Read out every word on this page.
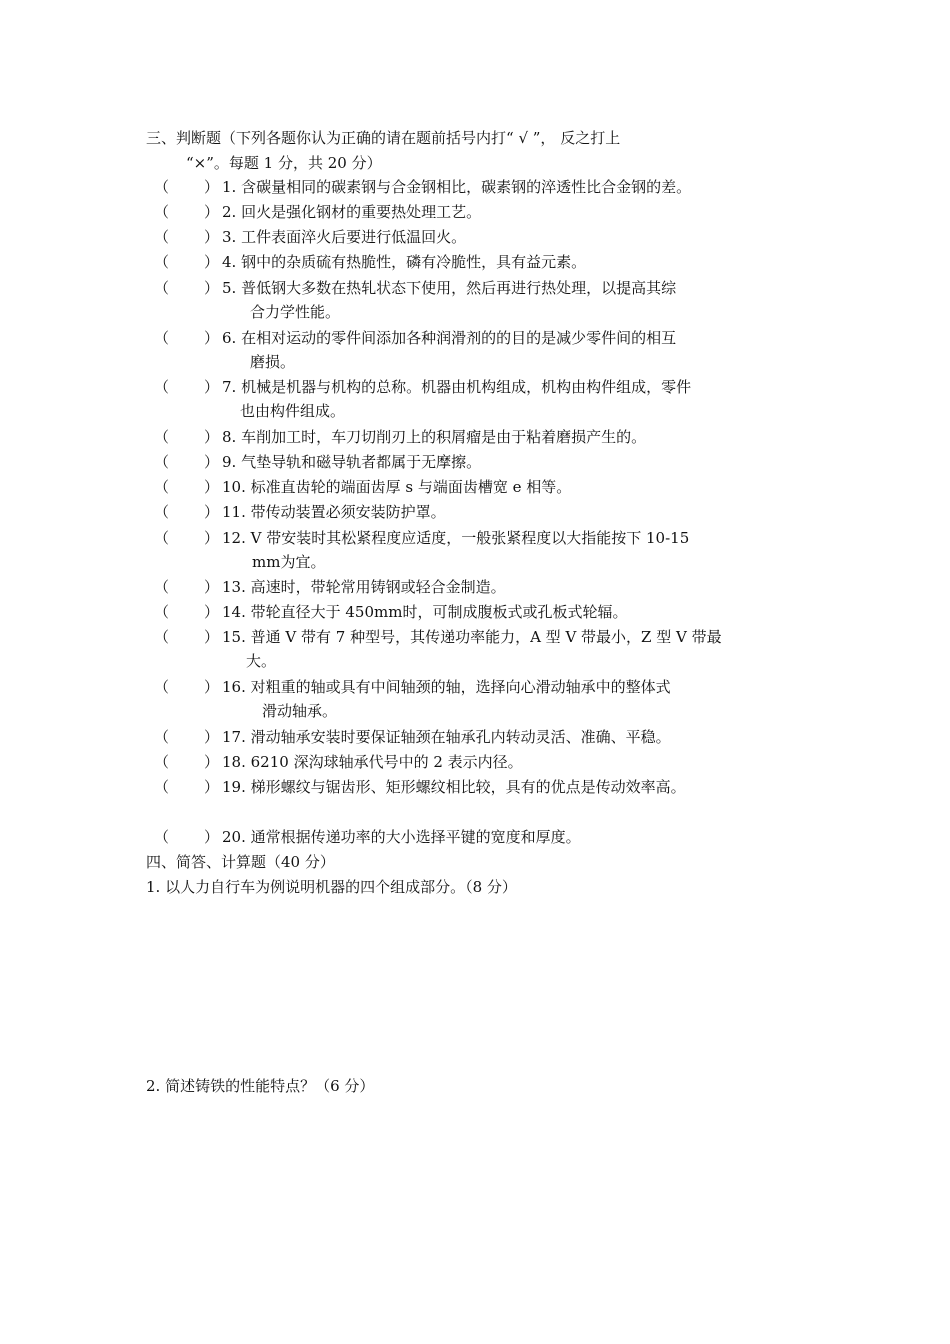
三、判断题（下列各题你认为正确的请在题前括号内打“ √ ”， 反之打上
“×”。每题 1 分，共 20 分）
（ ） 1. 含碳量相同的碳素钢与合金钢相比，碳素钢的淬透性比合金钢的差。
（ ） 2. 回火是强化钢材的重要热处理工艺。
（ ） 3. 工件表面淬火后要进行低温回火。
（ ） 4. 钢中的杂质硫有热脆性，磷有冷脆性，具有益元素。
（ ） 5. 普低钢大多数在热轧状态下使用，然后再进行热处理，以提高其综
合力学性能。
（ ） 6. 在相对运动的零件间添加各种润滑剂的的目的是减少零件间的相互
磨损。
（ ） 7. 机械是机器与机构的总称。机器由机构组成，机构由构件组成，零件
也由构件组成。
（ ） 8. 车削加工时，车刀切削刃上的积屑瘤是由于粘着磨损产生的。
（ ） 9. 气垫导轨和磁导轨者都属于无摩擦。
（ ） 10. 标准直齿轮的端面齿厚 s 与端面齿槽宽 e 相等。
（ ） 11. 带传动装置必须安装防护罩。
（ ） 12. V 带安装时其松紧程度应适度，一般张紧程度以大指能按下 10-15
mm为宜。
（ ） 13. 高速时，带轮常用铸钢或轻合金制造。
（ ） 14. 带轮直径大于 450mm时，可制成腹板式或孔板式轮辐。
（ ） 15. 普通 V 带有 7 种型号，其传递功率能力，A 型 V 带最小，Z 型 V 带最
大。
（ ） 16. 对粗重的轴或具有中间轴颈的轴，选择向心滑动轴承中的整体式
滑动轴承。
（ ） 17. 滑动轴承安装时要保证轴颈在轴承孔内转动灵活、准确、平稳。
（ ） 18. 6210 深沟球轴承代号中的 2 表示内径。
（ ） 19. 梯形螺纹与锯齿形、矩形螺纹相比较，具有的优点是传动效率高。
（ ） 20. 通常根据传递功率的大小选择平键的宽度和厚度。
四、简答、计算题（40 分）
1. 以人力自行车为例说明机器的四个组成部分。（8 分）
2. 简述铸铁的性能特点？（6 分）
